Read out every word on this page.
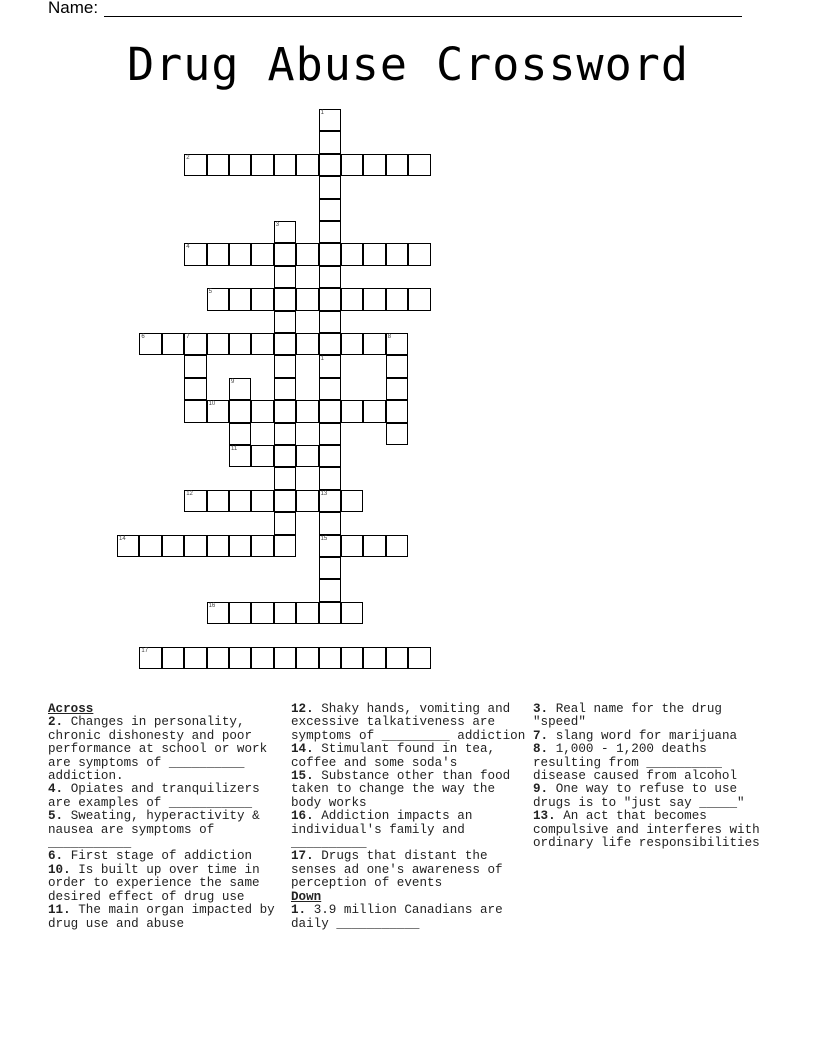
Name:
Drug Abuse Crossword
1
1
13
2
3
4
5
6	7	8
9
10
11
12
15
14
16
17
Across
2. Changes in personality, chronic dishonesty and poor performance at school or work are symptoms of __________ addiction.
4. Opiates and tranquilizers are examples of ___________
5. Sweating, hyperactivity & nausea are symptoms of ___________
6. First stage of addiction
10. Is built up over time in order to experience the same desired effect of drug use
11. The main organ impacted by drug use and abuse
12. Shaky hands, vomiting and excessive talkativeness are symptoms of _________ addiction
14. Stimulant found in tea, coffee and some soda's
15. Substance other than food taken to change the way the body works
16. Addiction impacts an individual's family and __________
17. Drugs that distant the senses ad one's awareness of perception of events
Down
1. 3.9 million Canadians are daily ___________
3. Real name for the drug "speed"
7. slang word for marijuana
8. 1,000 - 1,200 deaths resulting from __________ disease caused from alcohol
9. One way to refuse to use drugs is to "just say _____"
13. An act that becomes compulsive and interferes with ordinary life responsibilities
